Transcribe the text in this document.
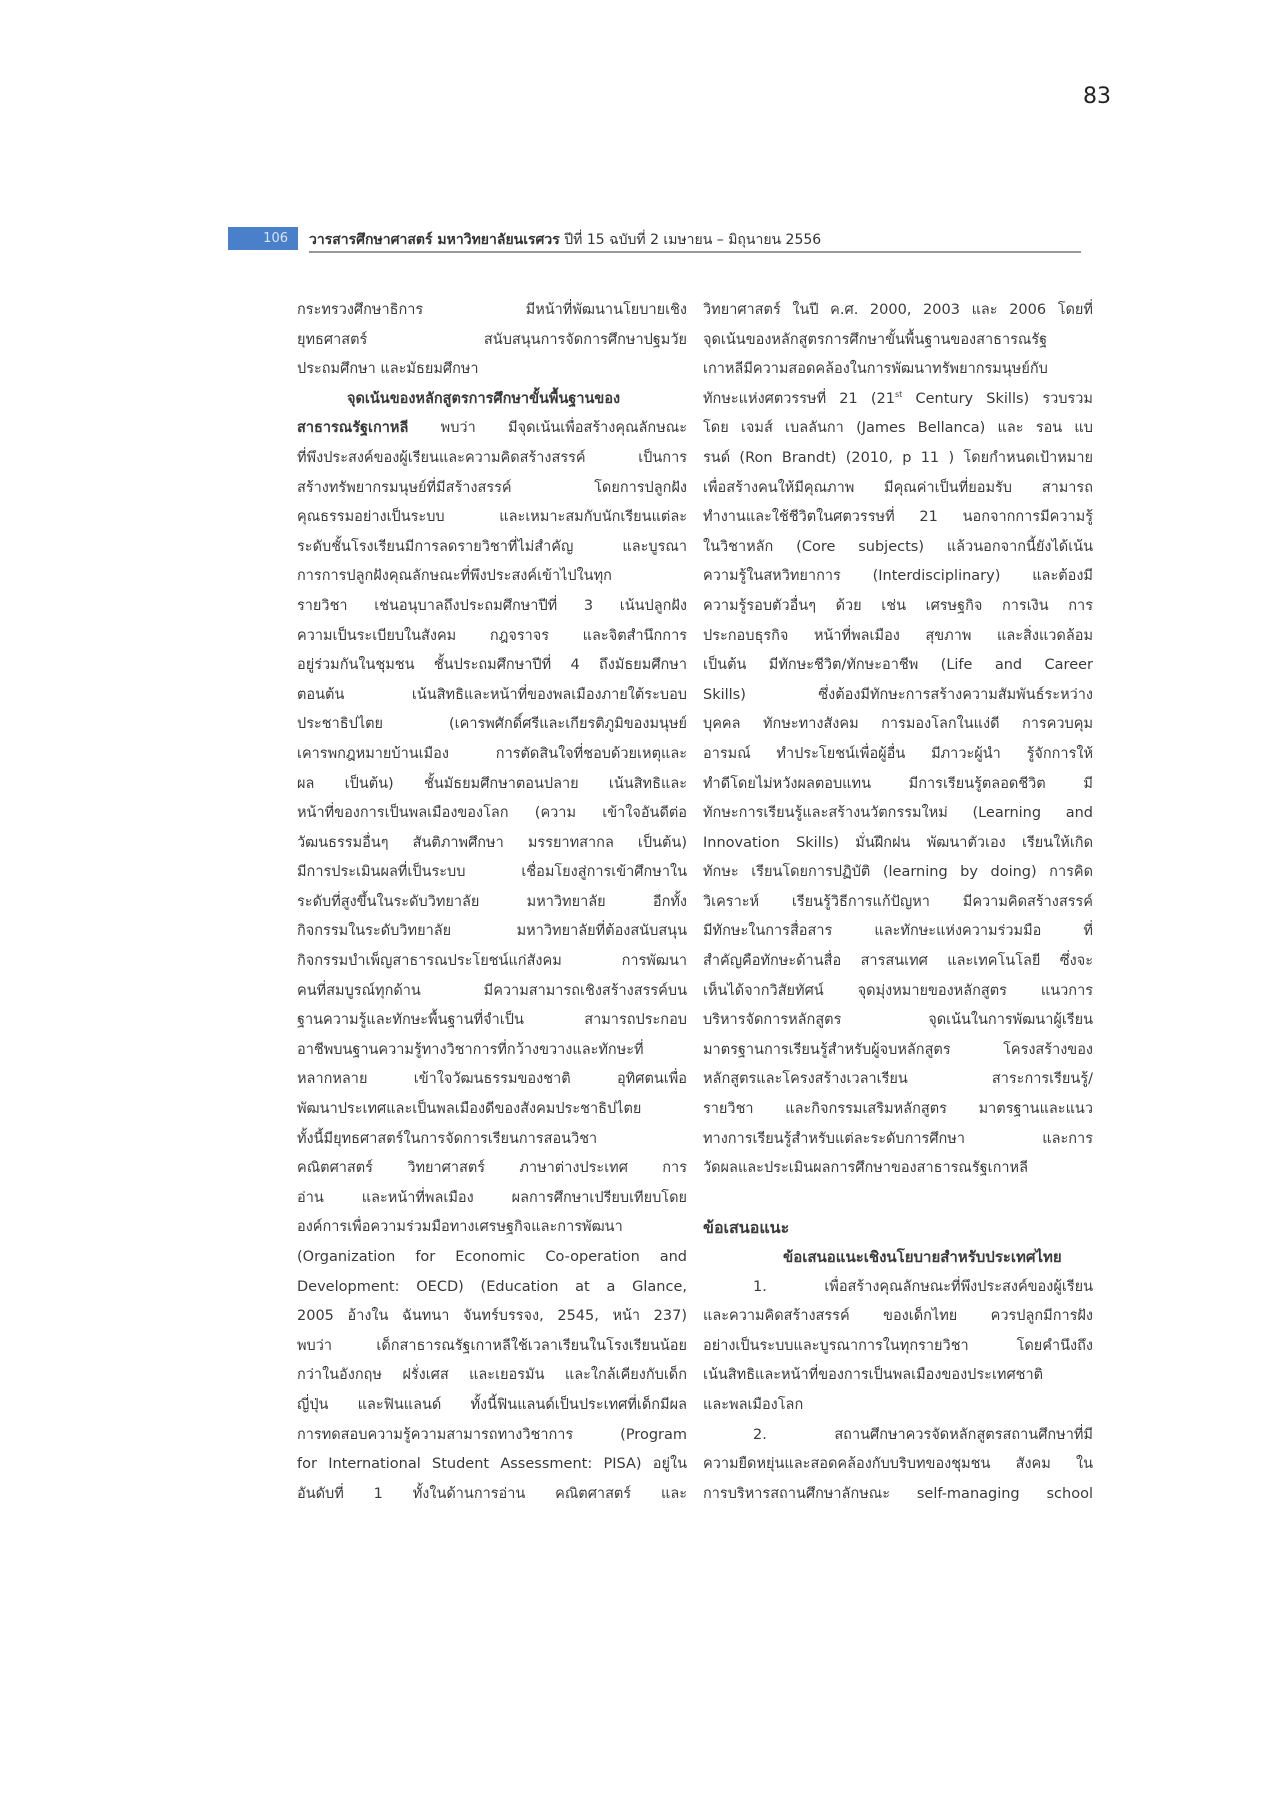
83
106	วารสารศึกษาศาสตร์ มหาวิทยาลัยนเรศวร ปีที่ 15 ฉบับที่ 2 เมษายน – มิถุนายน 2556
กระทรวงศึกษาธิการ มีหน้าที่พัฒนานโยบายเชิง
ยุทธศาสตร์ สนับสนุนการจัดการศึกษาปฐมวัย
ประถมศึกษา และมัธยมศึกษา
จุดเน้นของหลักสูตรการศึกษาขั้นพื้นฐานของ
สาธารณรัฐเกาหลี พบว่า มีจุดเน้นเพื่อสร้างคุณลักษณะ
ที่พึงประสงค์ของผู้เรียนและความคิดสร้างสรรค์ เป็นการ
สร้างทรัพยากรมนุษย์ที่มีสร้างสรรค์ โดยการปลูกฝัง
คุณธรรมอย่างเป็นระบบ และเหมาะสมกับนักเรียนแต่ละ
ระดับชั้นโรงเรียนมีการลดรายวิชาที่ไม่สำคัญ และบูรณา
การการปลูกฝังคุณลักษณะที่พึงประสงค์เข้าไปในทุก
รายวิชา เช่นอนุบาลถึงประถมศึกษาปีที่ 3 เน้นปลูกฝัง
ความเป็นระเบียบในสังคม กฎจราจร และจิตสำนึกการ
อยู่ร่วมกันในชุมชน ชั้นประถมศึกษาปีที่ 4 ถึงมัธยมศึกษา
ตอนต้น เน้นสิทธิและหน้าที่ของพลเมืองภายใต้ระบอบ
ประชาธิปไตย (เคารพศักดิ์ศรีและเกียรติภูมิของมนุษย์
เคารพกฎหมายบ้านเมือง การตัดสินใจที่ชอบด้วยเหตุและ
ผล เป็นต้น) ชั้นมัธยมศึกษาตอนปลาย เน้นสิทธิและ
หน้าที่ของการเป็นพลเมืองของโลก (ความ เข้าใจอันดีต่อ
วัฒนธรรมอื่นๆ สันติภาพศึกษา มรรยาทสากล เป็นต้น)
มีการประเมินผลที่เป็นระบบ เชื่อมโยงสู่การเข้าศึกษาใน
ระดับที่สูงขึ้นในระดับวิทยาลัย มหาวิทยาลัย อีกทั้ง
กิจกรรมในระดับวิทยาลัย มหาวิทยาลัยที่ต้องสนับสนุน
กิจกรรมบำเพ็ญสาธารณประโยชน์แก่สังคม การพัฒนา
คนที่สมบูรณ์ทุกด้าน มีความสามารถเชิงสร้างสรรค์บน
ฐานความรู้และทักษะพื้นฐานที่จำเป็น สามารถประกอบ
อาชีพบนฐานความรู้ทางวิชาการที่กว้างขวางและทักษะที่
หลากหลาย เข้าใจวัฒนธรรมของชาติ อุทิศตนเพื่อ
พัฒนาประเทศและเป็นพลเมืองดีของสังคมประชาธิปไตย
ทั้งนี้มียุทธศาสตร์ในการจัดการเรียนการสอนวิชา
คณิตศาสตร์ วิทยาศาสตร์ ภาษาต่างประเทศ การ
อ่าน และหน้าที่พลเมือง ผลการศึกษาเปรียบเทียบโดย
องค์การเพื่อความร่วมมือทางเศรษฐกิจและการพัฒนา
(Organization for Economic Co-operation and
Development: OECD) (Education at a Glance,
2005 อ้างใน ฉันทนา จันทร์บรรจง, 2545, หน้า 237)
พบว่า เด็กสาธารณรัฐเกาหลีใช้เวลาเรียนในโรงเรียนน้อย
กว่าในอังกฤษ ฝรั่งเศส และเยอรมัน และใกล้เคียงกับเด็ก
ญี่ปุ่น และฟินแลนด์ ทั้งนี้ฟินแลนด์เป็นประเทศที่เด็กมีผล
การทดสอบความรู้ความสามารถทางวิชาการ (Program
for International Student Assessment: PISA) อยู่ใน
อันดับที่ 1 ทั้งในด้านการอ่าน คณิตศาสตร์ และ
วิทยาศาสตร์ ในปี ค.ศ. 2000, 2003 และ 2006 โดยที่
จุดเน้นของหลักสูตรการศึกษาขั้นพื้นฐานของสาธารณรัฐ
เกาหลีมีความสอดคล้องในการพัฒนาทรัพยากรมนุษย์กับ
ทักษะแห่งศตวรรษที่ 21 (21st Century Skills) รวบรวม
โดย เจมส์ เบลลันกา (James Bellanca) และ รอน แบ
รนด์ (Ron Brandt) (2010, p 11 ) โดยกำหนดเป้าหมาย
เพื่อสร้างคนให้มีคุณภาพ มีคุณค่าเป็นที่ยอมรับ สามารถ
ทำงานและใช้ชีวิตในศตวรรษที่ 21 นอกจากการมีความรู้
ในวิชาหลัก (Core subjects) แล้วนอกจากนี้ยังได้เน้น
ความรู้ในสหวิทยาการ (Interdisciplinary) และต้องมี
ความรู้รอบตัวอื่นๆ ด้วย เช่น เศรษฐกิจ การเงิน การ
ประกอบธุรกิจ หน้าที่พลเมือง สุขภาพ และสิ่งแวดล้อม
เป็นต้น มีทักษะชีวิต/ทักษะอาชีพ (Life and Career
Skills) ซึ่งต้องมีทักษะการสร้างความสัมพันธ์ระหว่าง
บุคคล ทักษะทางสังคม การมองโลกในแง่ดี การควบคุม
อารมณ์ ทำประโยชน์เพื่อผู้อื่น มีภาวะผู้นำ รู้จักการให้
ทำดีโดยไม่หวังผลตอบแทน มีการเรียนรู้ตลอดชีวิต มี
ทักษะการเรียนรู้และสร้างนวัตกรรมใหม่ (Learning and
Innovation Skills) มั่นฝึกฝน พัฒนาตัวเอง เรียนให้เกิด
ทักษะ เรียนโดยการปฏิบัติ (learning by doing) การคิด
วิเคราะห์ เรียนรู้วิธีการแก้ปัญหา มีความคิดสร้างสรรค์
มีทักษะในการสื่อสาร และทักษะแห่งความร่วมมือ ที่
สำคัญคือทักษะด้านสื่อ สารสนเทศ และเทคโนโลยี ซึ่งจะ
เห็นได้จากวิสัยทัศน์ จุดมุ่งหมายของหลักสูตร แนวการ
บริหารจัดการหลักสูตร จุดเน้นในการพัฒนาผู้เรียน
มาตรฐานการเรียนรู้สำหรับผู้จบหลักสูตร โครงสร้างของ
หลักสูตรและโครงสร้างเวลาเรียน สาระการเรียนรู้/
รายวิชา และกิจกรรมเสริมหลักสูตร มาตรฐานและแนว
ทางการเรียนรู้สำหรับแต่ละระดับการศึกษา และการ
วัดผลและประเมินผลการศึกษาของสาธารณรัฐเกาหลี
ข้อเสนอแนะ
ข้อเสนอแนะเชิงนโยบายสำหรับประเทศไทย
1. เพื่อสร้างคุณลักษณะที่พึงประสงค์ของผู้เรียน
และความคิดสร้างสรรค์ ของเด็กไทย ควรปลูกมีการฝัง
อย่างเป็นระบบและบูรณาการในทุกรายวิชา โดยคำนึงถึง
เน้นสิทธิและหน้าที่ของการเป็นพลเมืองของประเทศชาติ
และพลเมืองโลก
2. สถานศึกษาควรจัดหลักสูตรสถานศึกษาที่มี
ความยืดหยุ่นและสอดคล้องกับบริบทของชุมชน สังคม ใน
การบริหารสถานศึกษาลักษณะ self-managing school
